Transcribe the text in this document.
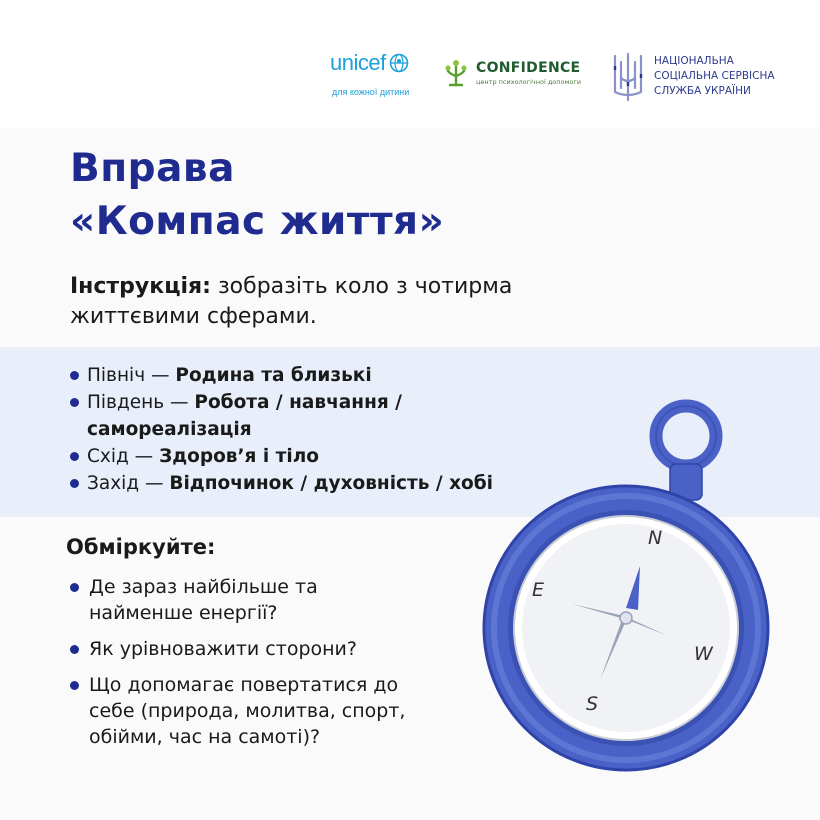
unicef
для кожної дитини
CONFIDENCE
центр психологічної допомоги
НАЦІОНАЛЬНА
СОЦІАЛЬНА СЕРВІСНА
СЛУЖБА УКРАЇНИ
Вправа
«Компас життя»

Інструкція: зобразіть коло з чотирма життєвими сферами.

Північ — Родина та близькі
Південь — Робота / навчання / самореалізація
Схід — Здоров’я і тіло
Захід — Відпочинок / духовність / хобі
Обміркуйте:
Де зараз найбільше та найменше енергії?
Як урівноважити сторони?
Що допомагає повертатися до себе (природа, молитва, спорт, обійми, час на самоті)?
N
E
W
S
